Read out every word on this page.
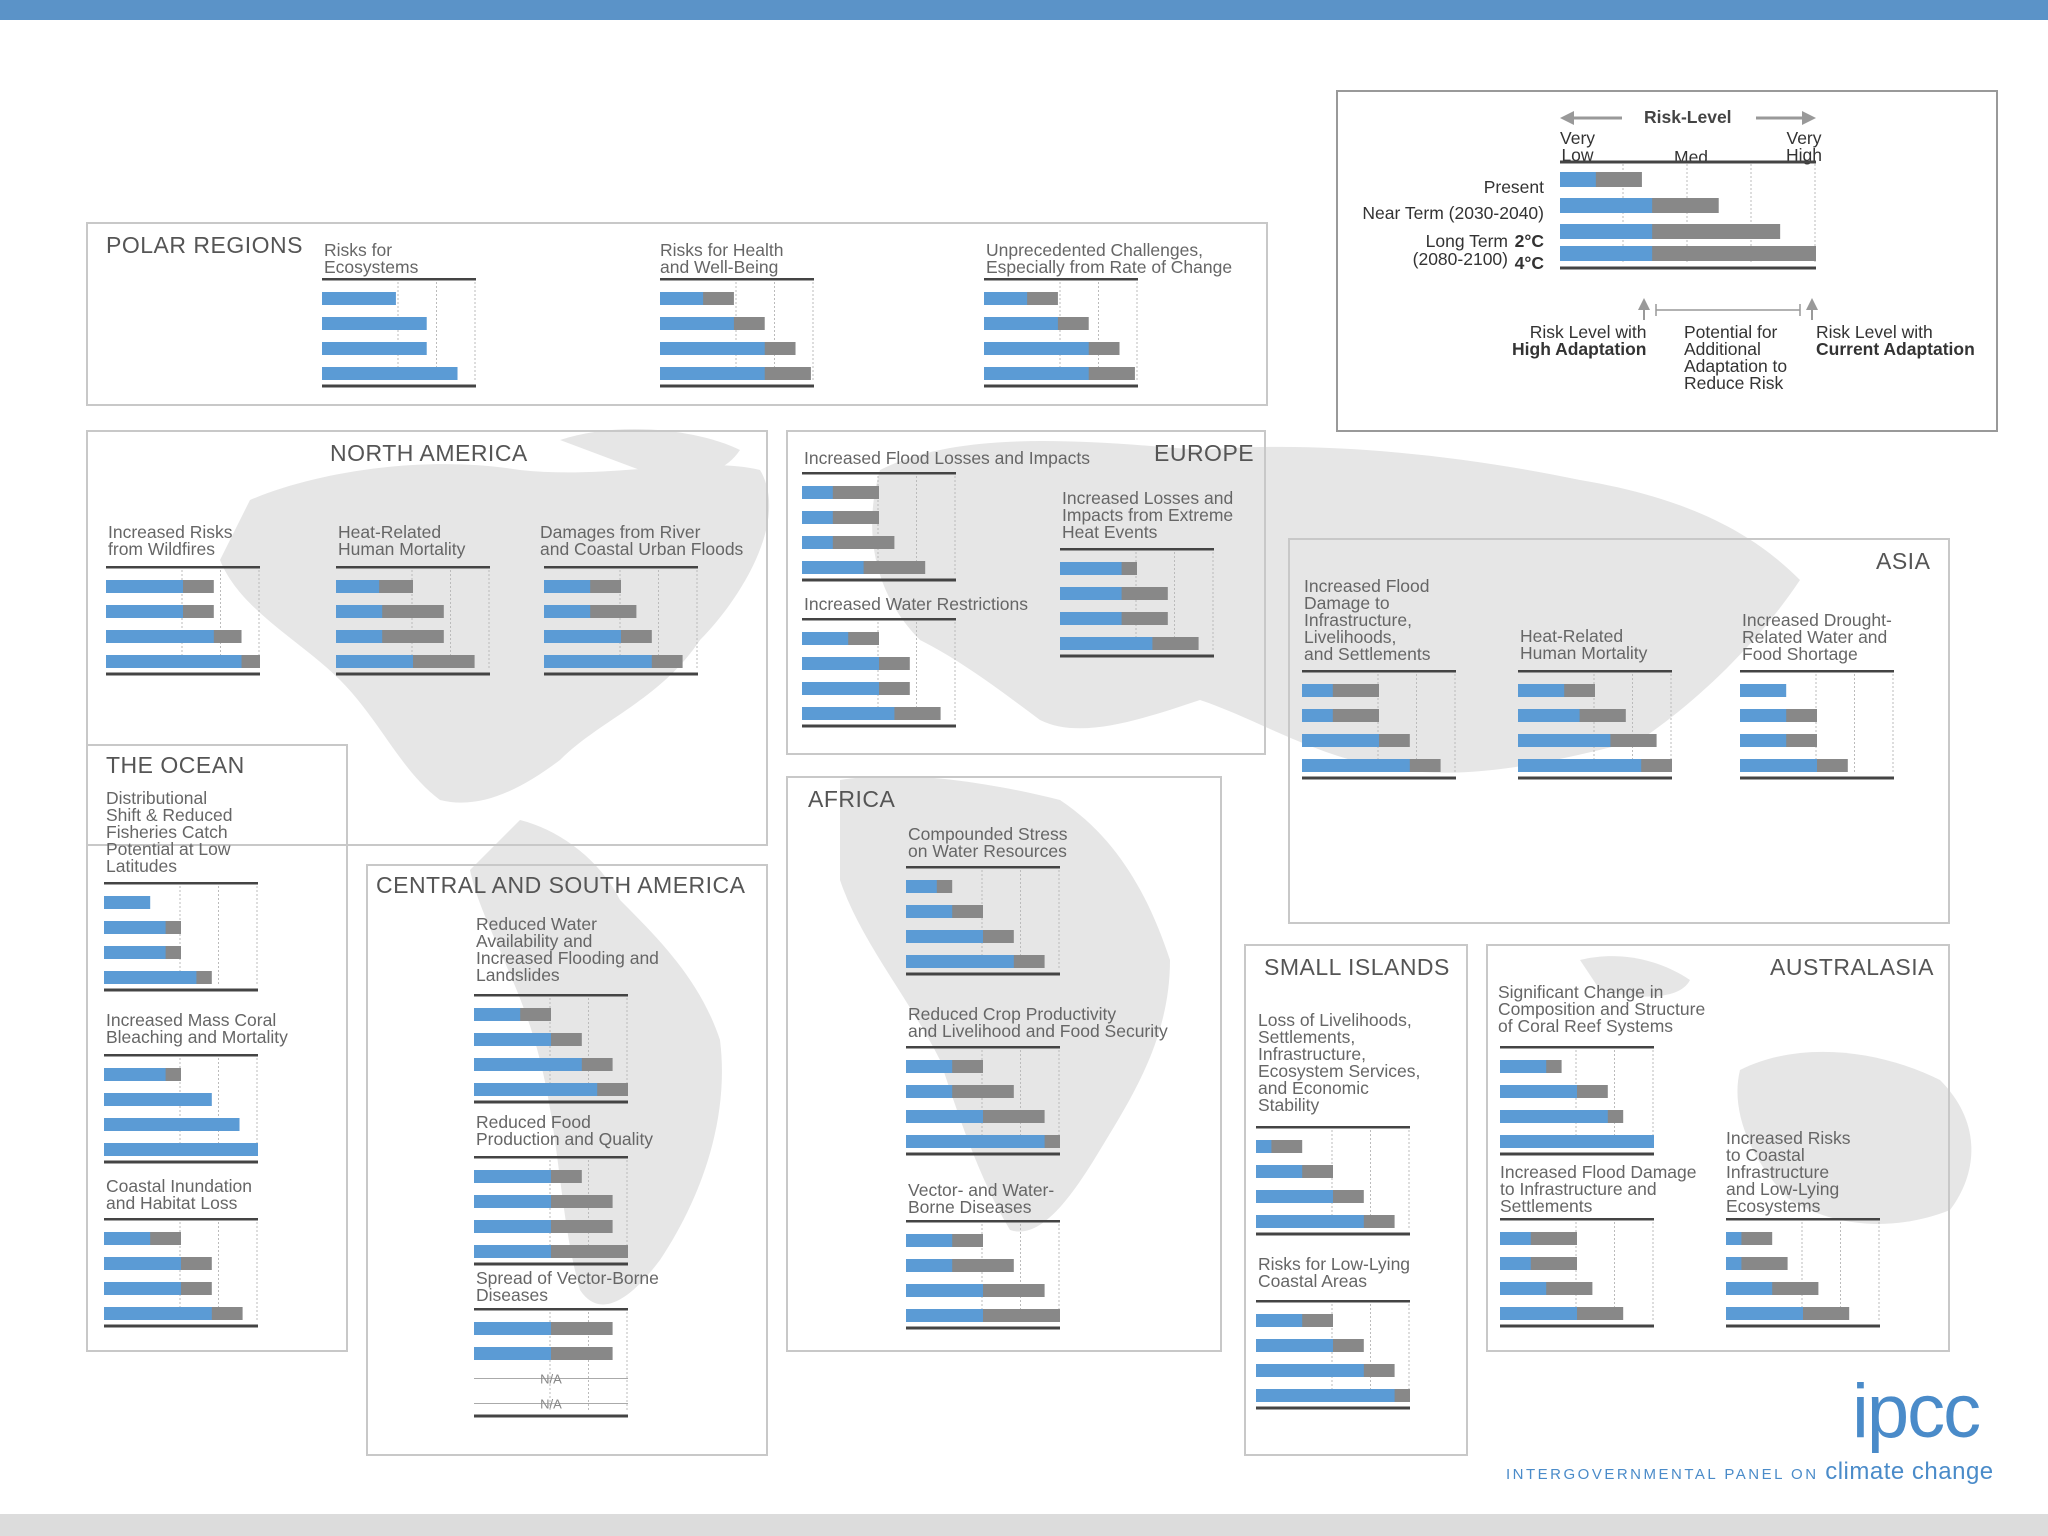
POLAR REGIONS
NORTH AMERICA	EUROPE
ASIA
THE OCEAN
CENTRAL AND SOUTH AMERICA
AFRICA
SMALL ISLANDS	AUSTRALASIA
Risks for
Ecosystems
Risks for Health
and Well-Being
Unprecedented Challenges,
Especially from Rate of Change
Increased Risks
from Wildfires
Heat-Related
Human Mortality
Damages from River
and Coastal Urban Floods
Increased Flood Losses and Impacts
Increased Losses and
Impacts from Extreme
Heat Events
Increased Water Restrictions
Increased Flood
Damage to
Infrastructure,
Livelihoods,
and Settlements
Heat-Related
Human Mortality
Increased Drought-
Related Water and
Food Shortage
Distributional
Shift & Reduced
Fisheries Catch
Potential at Low
Latitudes
Increased Mass Coral
Bleaching and Mortality
Coastal Inundation
and Habitat Loss
Reduced Water
Availability and
Increased Flooding and
Landslides
Reduced Food
Production and Quality
Spread of Vector-Borne
Diseases
Compounded Stress
on Water Resources
Reduced Crop Productivity
and Livelihood and Food Security
Vector- and Water-
Borne Diseases
Loss of Livelihoods,
Settlements,
Infrastructure,
Ecosystem Services,
and Economic
Stability
Risks for Low-Lying
Coastal Areas
Significant Change in
Composition and Structure
of Coral Reef Systems
Increased Flood Damage
to Infrastructure and
Settlements
Increased Risks
to Coastal
Infrastructure
and Low-Lying
Ecosystems
N/A
N/A
Risk-Level
Very
Low	Med
Very
High
Present
Near Term (2030-2040)
Long Term 2°C
(2080-2100) 4°C
Risk Level with
High Adaptation
Potential for
Additional
Adaptation to
Reduce Risk
Risk Level with
Current Adaptation
ipcc
INTERGOVERNMENTAL PANEL ON climate change
